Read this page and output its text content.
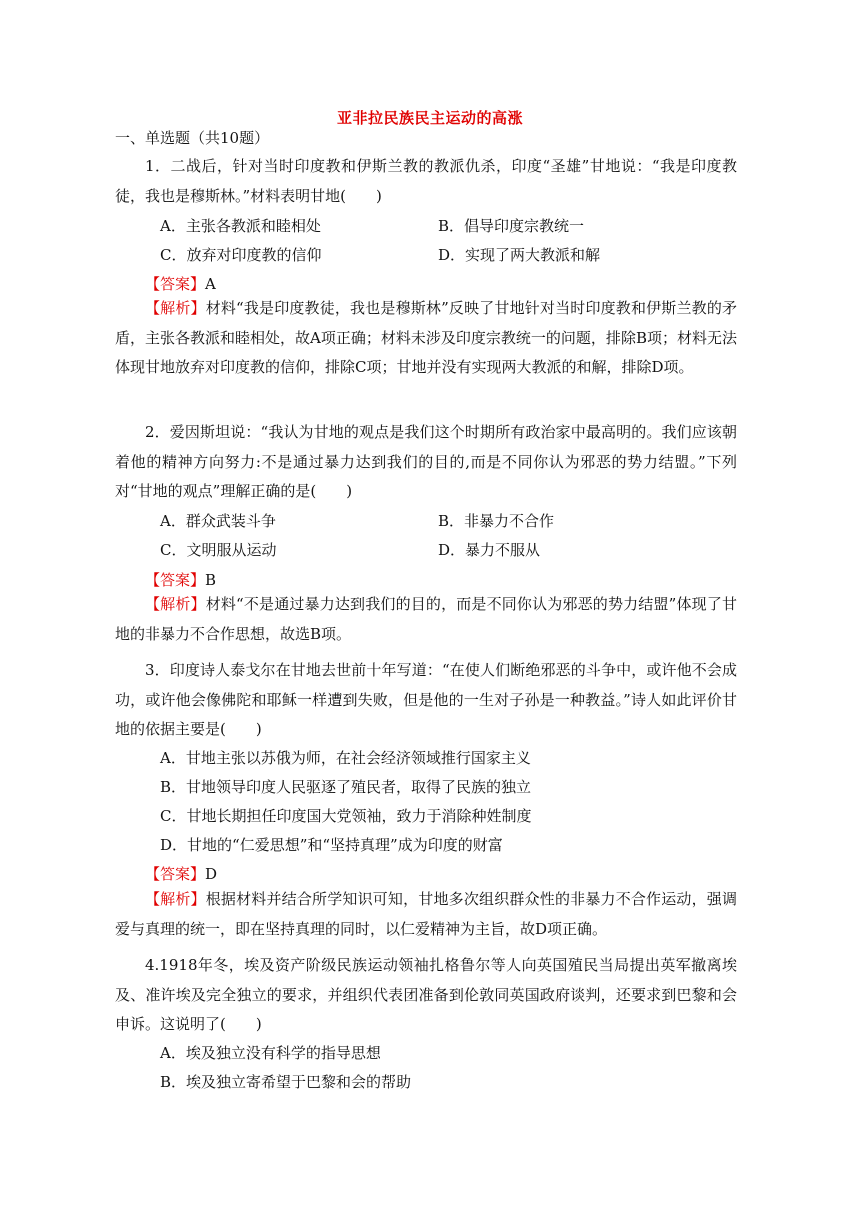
亚非拉民族民主运动的高涨
一、单选题（共10题）
1．二战后，针对当时印度教和伊斯兰教的教派仇杀，印度“圣雄”甘地说：“我是印度教徒，我也是穆斯林。”材料表明甘地(　　)
A．主张各教派和睦相处	B．倡导印度宗教统一
C．放弃对印度教的信仰	D．实现了两大教派和解
【答案】A
【解析】材料“我是印度教徒，我也是穆斯林”反映了甘地针对当时印度教和伊斯兰教的矛盾，主张各教派和睦相处，故A项正确；材料未涉及印度宗教统一的问题，排除B项；材料无法体现甘地放弃对印度教的信仰，排除C项；甘地并没有实现两大教派的和解，排除D项。
2．爱因斯坦说：“我认为甘地的观点是我们这个时期所有政治家中最高明的。我们应该朝着他的精神方向努力:不是通过暴力达到我们的目的,而是不同你认为邪恶的势力结盟。”下列对“甘地的观点”理解正确的是(　　)
A．群众武装斗争	B．非暴力不合作
C．文明服从运动	D．暴力不服从
【答案】B
【解析】材料“不是通过暴力达到我们的目的，而是不同你认为邪恶的势力结盟”体现了甘地的非暴力不合作思想，故选B项。
3．印度诗人泰戈尔在甘地去世前十年写道：“在使人们断绝邪恶的斗争中，或许他不会成功，或许他会像佛陀和耶稣一样遭到失败，但是他的一生对子孙是一种教益。”诗人如此评价甘地的依据主要是(　　)
A．甘地主张以苏俄为师，在社会经济领域推行国家主义
B．甘地领导印度人民驱逐了殖民者，取得了民族的独立
C．甘地长期担任印度国大党领袖，致力于消除种姓制度
D．甘地的“仁爱思想”和“坚持真理”成为印度的财富
【答案】D
【解析】根据材料并结合所学知识可知，甘地多次组织群众性的非暴力不合作运动，强调爱与真理的统一，即在坚持真理的同时，以仁爱精神为主旨，故D项正确。
4.1918年冬，埃及资产阶级民族运动领袖扎格鲁尔等人向英国殖民当局提出英军撤离埃及、准许埃及完全独立的要求，并组织代表团准备到伦敦同英国政府谈判，还要求到巴黎和会申诉。这说明了(　　)
A．埃及独立没有科学的指导思想
B．埃及独立寄希望于巴黎和会的帮助
